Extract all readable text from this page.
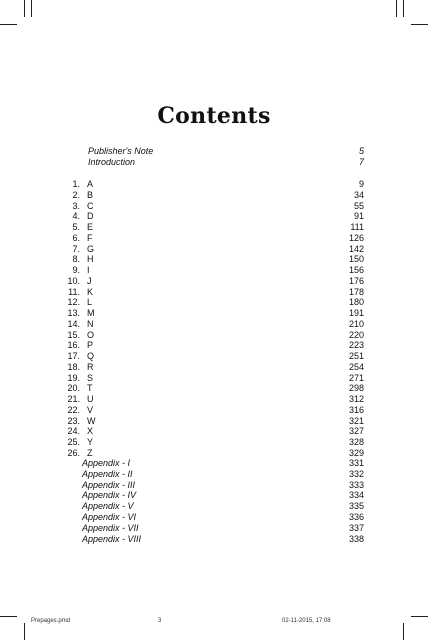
Contents
Publisher's Note	5
Introduction	7
1. A	9
2. B	34
3. C	55
4. D	91
5. E	111
6. F	126
7. G	142
8. H	150
9. I	156
10. J	176
11. K	178
12. L	180
13. M	191
14. N	210
15. O	220
16. P	223
17. Q	251
18. R	254
19. S	271
20. T	298
21. U	312
22. V	316
23. W	321
24. X	327
25. Y	328
26. Z	329
Appendix - I	331
Appendix - II	332
Appendix - III	333
Appendix - IV	334
Appendix - V	335
Appendix - VI	336
Appendix - VII	337
Appendix - VIII	338
Prepages.pmd	3	02-11-2015, 17:08
